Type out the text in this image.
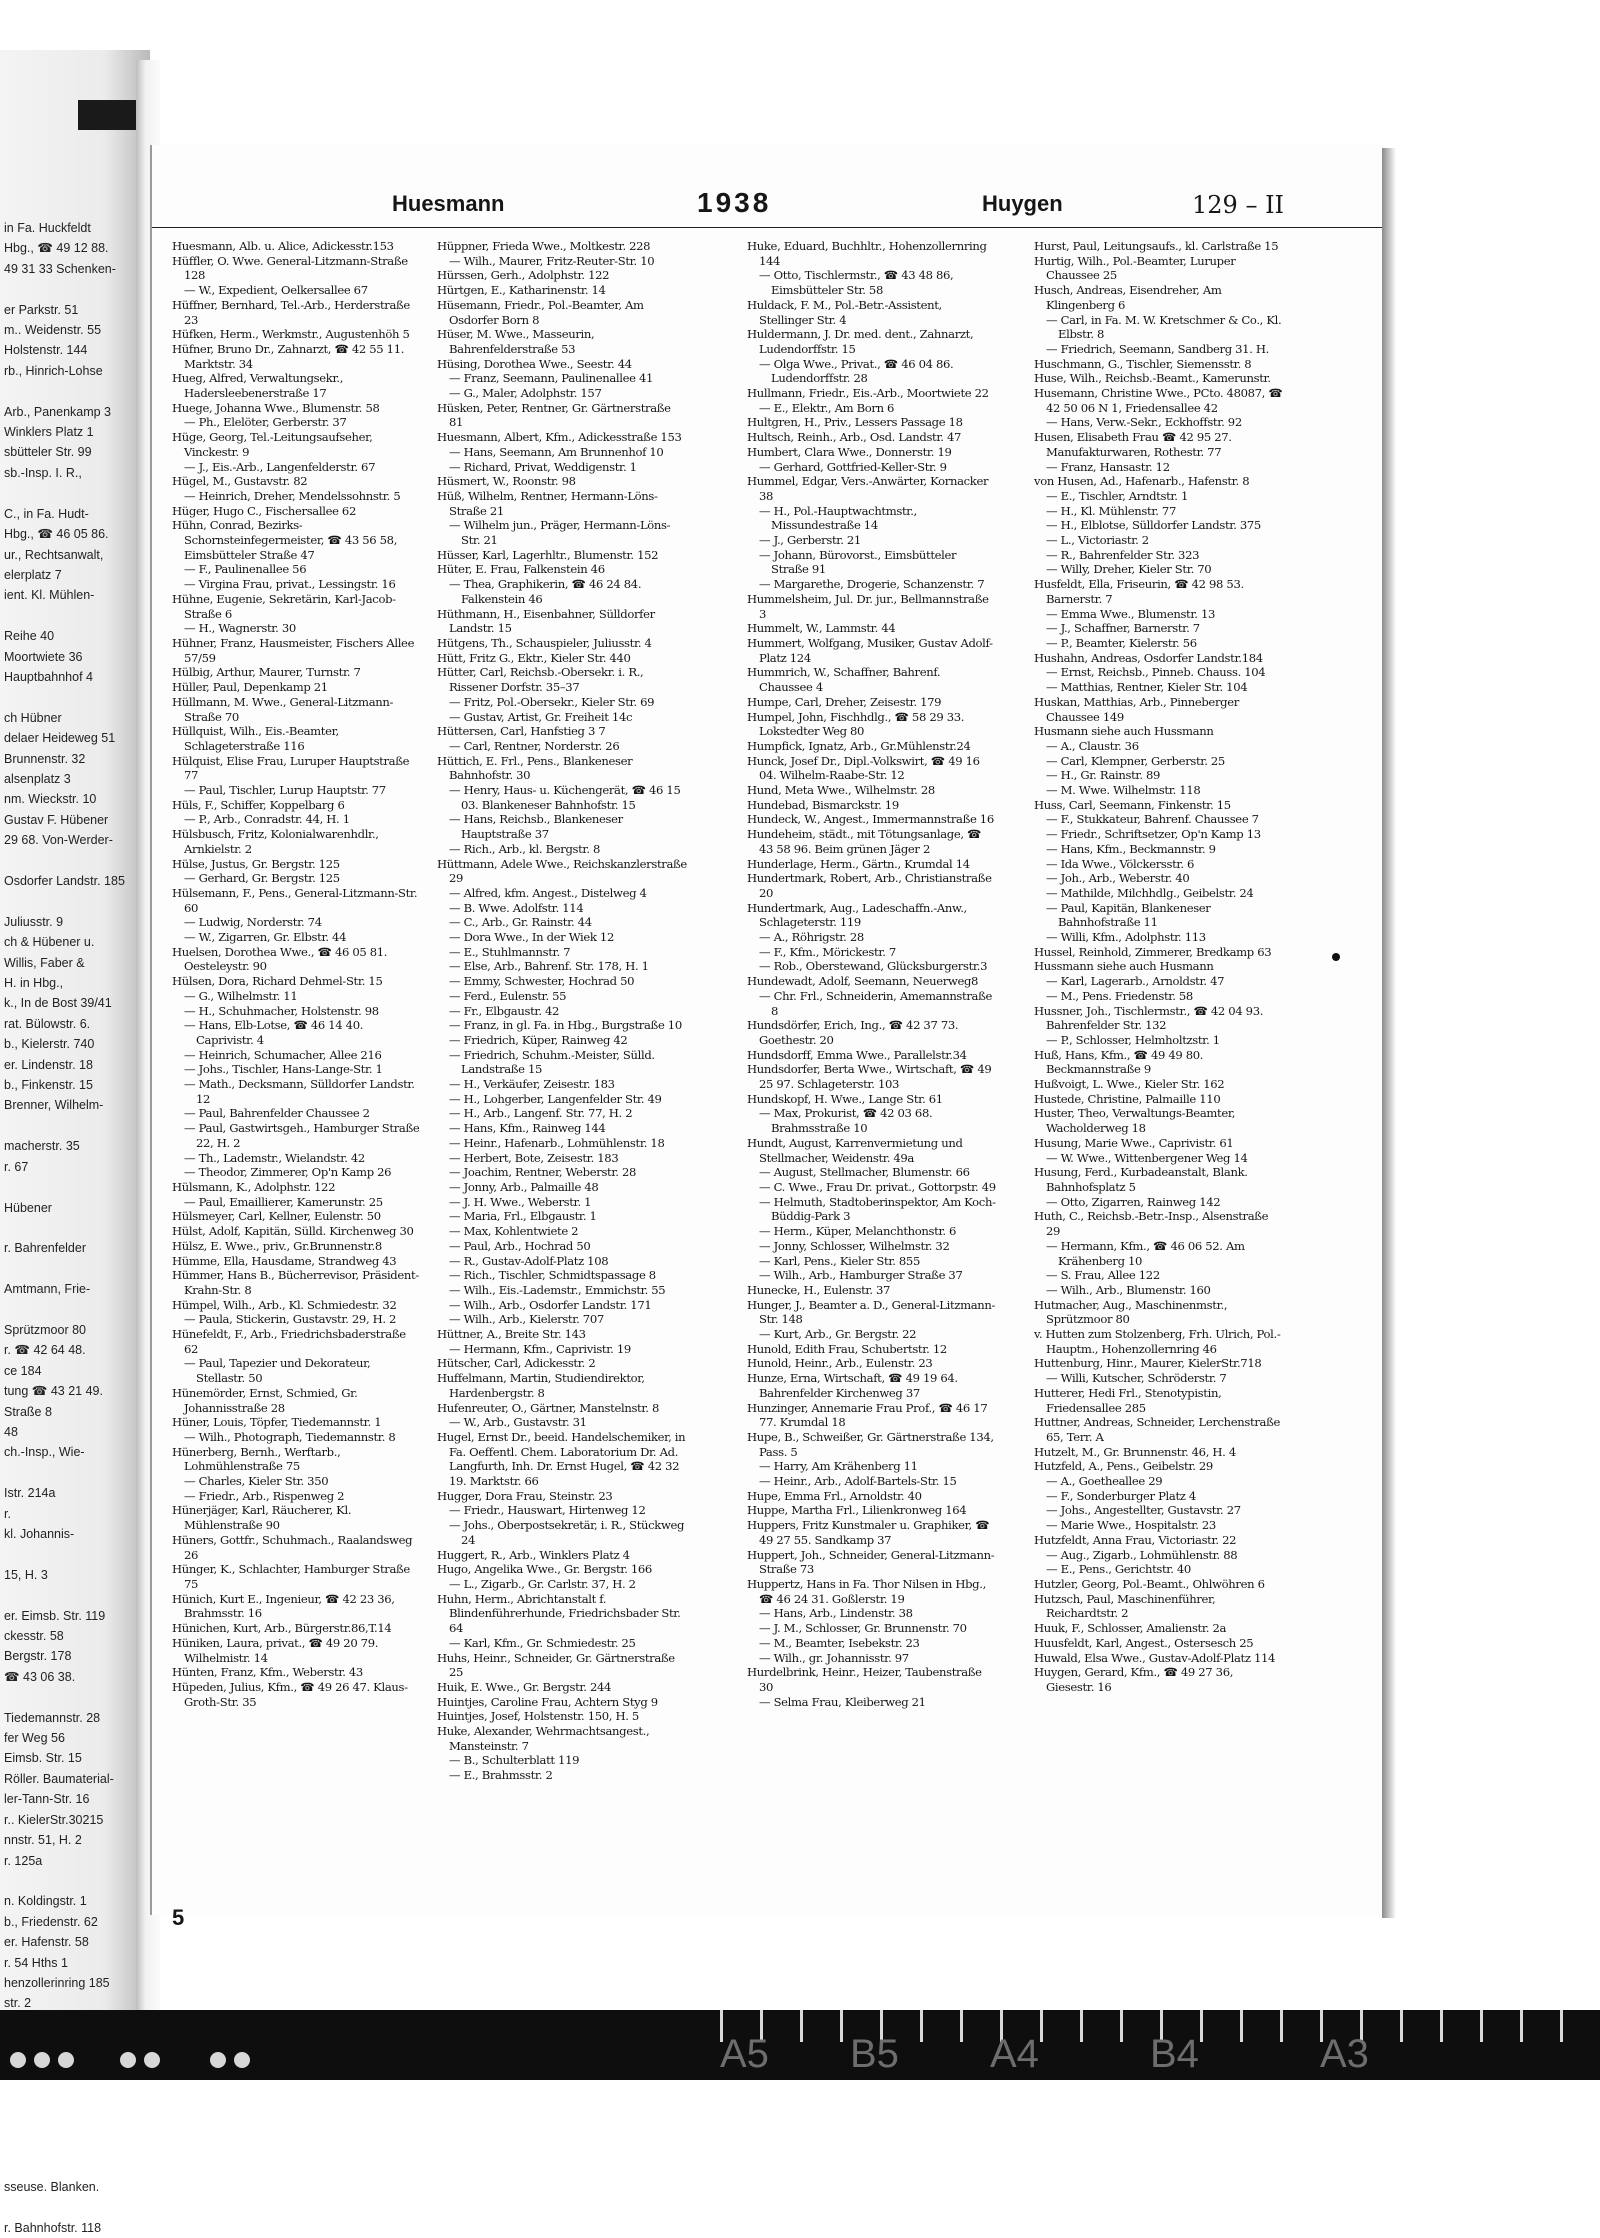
in Fa. Huckfeldt
Hbg., ☎ 49 12 88.
49 31 33 Schenken-

er Parkstr. 51
m.. Weidenstr. 55
Holstenstr. 144
rb., Hinrich-Lohse

Arb., Panenkamp 3
Winklers Platz 1
sbütteler Str. 99
sb.-Insp. I. R.,

C., in Fa. Hudt-
Hbg., ☎ 46 05 86.
ur., Rechtsanwalt,
elerplatz 7
ient. Kl. Mühlen-

Reihe 40
Moortwiete 36
Hauptbahnhof 4

ch Hübner
delaer Heideweg 51
Brunnenstr. 32
alsenplatz 3
nm. Wieckstr. 10
Gustav F. Hübener
29 68. Von-Werder-

Osdorfer Landstr. 185

Juliusstr. 9
ch & Hübener u.
Willis, Faber &
H. in Hbg.,
k., In de Bost 39/41
rat. Bülowstr. 6.
b., Kielerstr. 740
er. Lindenstr. 18
b., Finkenstr. 15
Brenner, Wilhelm-

macherstr. 35
r. 67

Hübener

r. Bahrenfelder

Amtmann, Frie-

Sprützmoor 80
r. ☎ 42 64 48.
ce 184
tung ☎ 43 21 49.
Straße 8
48
ch.-Insp., Wie-

Istr. 214a
r.
kl. Johannis-

15, H. 3

er. Eimsb. Str. 119
ckesstr. 58
Bergstr. 178
☎ 43 06 38.

Tiedemannstr. 28
fer Weg 56
Eimsb. Str. 15
Röller. Baumaterial-
ler-Tann-Str. 16
r.. KielerStr.30215
nnstr. 51, H. 2
r. 125a

n. Koldingstr. 1
b., Friedenstr. 62
er. Hafenstr. 58
r. 54 Hths 1
henzollerinring 185
str. 2

sseuse. Blanken.

r. Bahnhofstr. 118
Huesmann	1938	Huygen	129 – II

Huesmann, Alb. u. Alice, Adickesstr.153

Hüffler, O. Wwe. General-Litzmann-Straße 128

— W., Expedient, Oelkersallee 67

Hüffner, Bernhard, Tel.-Arb., Herderstraße 23

Hüfken, Herm., Werkmstr., Augustenhöh 5

Hüfner, Bruno Dr., Zahnarzt, ☎ 42 55 11. Marktstr. 34

Hueg, Alfred, Verwaltungsekr., Hadersleebenerstraße 17

Huege, Johanna Wwe., Blumenstr. 58

— Ph., Elelöter, Gerberstr. 37

Hüge, Georg, Tel.-Leitungsaufseher, Vinckestr. 9

— J., Eis.-Arb., Langenfelderstr. 67

Hügel, M., Gustavstr. 82

— Heinrich, Dreher, Mendelssohnstr. 5

Hüger, Hugo C., Fischersallee 62

Hühn, Conrad, Bezirks-Schornsteinfegermeister, ☎ 43 56 58, Eimsbütteler Straße 47

— F., Paulinenallee 56

— Virgina Frau, privat., Lessingstr. 16

Hühne, Eugenie, Sekretärin, Karl-Jacob-Straße 6

— H., Wagnerstr. 30

Hühner, Franz, Hausmeister, Fischers Allee 57/59

Hülbig, Arthur, Maurer, Turnstr. 7

Hüller, Paul, Depenkamp 21

Hüllmann, M. Wwe., General-Litzmann-Straße 70

Hüllquist, Wilh., Eis.-Beamter, Schlageterstraße 116

Hülquist, Elise Frau, Luruper Hauptstraße 77

— Paul, Tischler, Lurup Hauptstr. 77

Hüls, F., Schiffer, Koppelbarg 6

— P., Arb., Conradstr. 44, H. 1

Hülsbusch, Fritz, Kolonialwarenhdlr., Arnkielstr. 2

Hülse, Justus, Gr. Bergstr. 125

— Gerhard, Gr. Bergstr. 125

Hülsemann, F., Pens., General-Litzmann-Str. 60

— Ludwig, Norderstr. 74

— W., Zigarren, Gr. Elbstr. 44

Huelsen, Dorothea Wwe., ☎ 46 05 81. Oesteleystr. 90

Hülsen, Dora, Richard Dehmel-Str. 15

— G., Wilhelmstr. 11

— H., Schuhmacher, Holstenstr. 98

— Hans, Elb-Lotse, ☎ 46 14 40. Caprivistr. 4

— Heinrich, Schumacher, Allee 216

— Johs., Tischler, Hans-Lange-Str. 1

— Math., Decksmann, Sülldorfer Landstr. 12

— Paul, Bahrenfelder Chaussee 2

— Paul, Gastwirtsgeh., Hamburger Straße 22, H. 2

— Th., Lademstr., Wielandstr. 42

— Theodor, Zimmerer, Op'n Kamp 26

Hülsmann, K., Adolphstr. 122

— Paul, Emaillierer, Kamerunstr. 25

Hülsmeyer, Carl, Kellner, Eulenstr. 50

Hülst, Adolf, Kapitän, Sülld. Kirchenweg 30

Hülsz, E. Wwe., priv., Gr.Brunnenstr.8

Hümme, Ella, Hausdame, Strandweg 43

Hümmer, Hans B., Bücherrevisor, Präsident-Krahn-Str. 8

Hümpel, Wilh., Arb., Kl. Schmiedestr. 32

— Paula, Stickerin, Gustavstr. 29, H. 2

Hünefeldt, F., Arb., Friedrichsbaderstraße 62

— Paul, Tapezier und Dekorateur, Stellastr. 50

Hünemörder, Ernst, Schmied, Gr. Johannisstraße 28

Hüner, Louis, Töpfer, Tiedemannstr. 1

— Wilh., Photograph, Tiedemannstr. 8

Hünerberg, Bernh., Werftarb., Lohmühlenstraße 75

— Charles, Kieler Str. 350

— Friedr., Arb., Rispenweg 2

Hünerjäger, Karl, Räucherer, Kl. Mühlenstraße 90

Hüners, Gottfr., Schuhmach., Raalandsweg 26

Hünger, K., Schlachter, Hamburger Straße 75

Hünich, Kurt E., Ingenieur, ☎ 42 23 36, Brahmsstr. 16

Hünichen, Kurt, Arb., Bürgerstr.86,T.14

Hüniken, Laura, privat., ☎ 49 20 79. Wilhelmistr. 14

Hünten, Franz, Kfm., Weberstr. 43

Hüpeden, Julius, Kfm., ☎ 49 26 47. Klaus-Groth-Str. 35

Hüppner, Frieda Wwe., Moltkestr. 228

— Wilh., Maurer, Fritz-Reuter-Str. 10

Hürssen, Gerh., Adolphstr. 122

Hürtgen, E., Katharinenstr. 14

Hüsemann, Friedr., Pol.-Beamter, Am Osdorfer Born 8

Hüser, M. Wwe., Masseurin, Bahrenfelderstraße 53

Hüsing, Dorothea Wwe., Seestr. 44

— Franz, Seemann, Paulinenallee 41

— G., Maler, Adolphstr. 157

Hüsken, Peter, Rentner, Gr. Gärtnerstraße 81

Huesmann, Albert, Kfm., Adickesstraße 153

— Hans, Seemann, Am Brunnenhof 10

— Richard, Privat, Weddigenstr. 1

Hüsmert, W., Roonstr. 98

Hüß, Wilhelm, Rentner, Hermann-Löns-Straße 21

— Wilhelm jun., Präger, Hermann-Löns-Str. 21

Hüsser, Karl, Lagerhltr., Blumenstr. 152

Hüter, E. Frau, Falkenstein 46

— Thea, Graphikerin, ☎ 46 24 84. Falkenstein 46

Hüthmann, H., Eisenbahner, Sülldorfer Landstr. 15

Hütgens, Th., Schauspieler, Juliusstr. 4

Hütt, Fritz G., Ektr., Kieler Str. 440

Hütter, Carl, Reichsb.-Obersekr. i. R., Rissener Dorfstr. 35–37

— Fritz, Pol.-Obersekr., Kieler Str. 69

— Gustav, Artist, Gr. Freiheit 14c

Hüttersen, Carl, Hanfstieg 3 7

— Carl, Rentner, Norderstr. 26

Hüttich, E. Frl., Pens., Blankeneser Bahnhofstr. 30

— Henry, Haus- u. Küchengerät, ☎ 46 15 03. Blankeneser Bahnhofstr. 15

— Hans, Reichsb., Blankeneser Hauptstraße 37

— Rich., Arb., kl. Bergstr. 8

Hüttmann, Adele Wwe., Reichskanzlerstraße 29

— Alfred, kfm. Angest., Distelweg 4

— B. Wwe. Adolfstr. 114

— C., Arb., Gr. Rainstr. 44

— Dora Wwe., In der Wiek 12

— E., Stuhlmannstr. 7

— Else, Arb., Bahrenf. Str. 178, H. 1

— Emmy, Schwester, Hochrad 50

— Ferd., Eulenstr. 55

— Fr., Elbgaustr. 42

— Franz, in gl. Fa. in Hbg., Burgstraße 10

— Friedrich, Küper, Rainweg 42

— Friedrich, Schuhm.-Meister, Sülld. Landstraße 15

— H., Verkäufer, Zeisestr. 183

— H., Lohgerber, Langenfelder Str. 49

— H., Arb., Langenf. Str. 77, H. 2

— Hans, Kfm., Rainweg 144

— Heinr., Hafenarb., Lohmühlenstr. 18

— Herbert, Bote, Zeisestr. 183

— Joachim, Rentner, Weberstr. 28

— Jonny, Arb., Palmaille 48

— J. H. Wwe., Weberstr. 1

— Maria, Frl., Elbgaustr. 1

— Max, Kohlentwiete 2

— Paul, Arb., Hochrad 50

— R., Gustav-Adolf-Platz 108

— Rich., Tischler, Schmidtspassage 8

— Wilh., Eis.-Lademstr., Emmichstr. 55

— Wilh., Arb., Osdorfer Landstr. 171

— Wilh., Arb., Kielerstr. 707

Hüttner, A., Breite Str. 143

— Hermann, Kfm., Caprivistr. 19

Hütscher, Carl, Adickesstr. 2

Huffelmann, Martin, Studiendirektor, Hardenbergstr. 8

Hufenreuter, O., Gärtner, Manstelnstr. 8

— W., Arb., Gustavstr. 31

Hugel, Ernst Dr., beeid. Handelschemiker, in Fa. Oeffentl. Chem. Laboratorium Dr. Ad. Langfurth, Inh. Dr. Ernst Hugel, ☎ 42 32 19. Marktstr. 66

Hugger, Dora Frau, Steinstr. 23

— Friedr., Hauswart, Hirtenweg 12

— Johs., Oberpostsekretär, i. R., Stückweg 24

Huggert, R., Arb., Winklers Platz 4

Hugo, Angelika Wwe., Gr. Bergstr. 166

— L., Zigarb., Gr. Carlstr. 37, H. 2

Huhn, Herm., Abrichtanstalt f. Blindenführerhunde, Friedrichsbader Str. 64

— Karl, Kfm., Gr. Schmiedestr. 25

Huhs, Heinr., Schneider, Gr. Gärtnerstraße 25

Huik, E. Wwe., Gr. Bergstr. 244

Huintjes, Caroline Frau, Achtern Styg 9

Huintjes, Josef, Holstenstr. 150, H. 5

Huke, Alexander, Wehrmachtsangest., Mansteinstr. 7

— B., Schulterblatt 119

— E., Brahmsstr. 2

Huke, Eduard, Buchhltr., Hohenzollernring 144

— Otto, Tischlermstr., ☎ 43 48 86, Eimsbütteler Str. 58

Huldack, F. M., Pol.-Betr.-Assistent, Stellinger Str. 4

Huldermann, J. Dr. med. dent., Zahnarzt, Ludendorffstr. 15

— Olga Wwe., Privat., ☎ 46 04 86. Ludendorffstr. 28

Hullmann, Friedr., Eis.-Arb., Moortwiete 22

— E., Elektr., Am Born 6

Hultgren, H., Priv., Lessers Passage 18

Hultsch, Reinh., Arb., Osd. Landstr. 47

Humbert, Clara Wwe., Donnerstr. 19

— Gerhard, Gottfried-Keller-Str. 9

Hummel, Edgar, Vers.-Anwärter, Kornacker 38

— H., Pol.-Hauptwachtmstr., Missundestraße 14

— J., Gerberstr. 21

— Johann, Bürovorst., Eimsbütteler Straße 91

— Margarethe, Drogerie, Schanzenstr. 7

Hummelsheim, Jul. Dr. jur., Bellmannstraße 3

Hummelt, W., Lammstr. 44

Hummert, Wolfgang, Musiker, Gustav Adolf-Platz 124

Hummrich, W., Schaffner, Bahrenf. Chaussee 4

Humpe, Carl, Dreher, Zeisestr. 179

Humpel, John, Fischhdlg., ☎ 58 29 33. Lokstedter Weg 80

Humpfick, Ignatz, Arb., Gr.Mühlenstr.24

Hunck, Josef Dr., Dipl.-Volkswirt, ☎ 49 16 04. Wilhelm-Raabe-Str. 12

Hund, Meta Wwe., Wilhelmstr. 28

Hundebad, Bismarckstr. 19

Hundeck, W., Angest., Immermannstraße 16

Hundeheim, städt., mit Tötungsanlage, ☎ 43 58 96. Beim grünen Jäger 2

Hunderlage, Herm., Gärtn., Krumdal 14

Hundertmark, Robert, Arb., Christianstraße 20

Hundertmark, Aug., Ladeschaffn.-Anw., Schlageterstr. 119

— A., Röhrigstr. 28

— F., Kfm., Mörickestr. 7

— Rob., Oberstewand, Glücksburgerstr.3

Hundewadt, Adolf, Seemann, Neuerweg8

— Chr. Frl., Schneiderin, Amemannstraße 8

Hundsdörfer, Erich, Ing., ☎ 42 37 73. Goethestr. 20

Hundsdorff, Emma Wwe., Parallelstr.34

Hundsdorfer, Berta Wwe., Wirtschaft, ☎ 49 25 97. Schlageterstr. 103

Hundskopf, H. Wwe., Lange Str. 61

— Max, Prokurist, ☎ 42 03 68. Brahmsstraße 10

Hundt, August, Karrenvermietung und Stellmacher, Weidenstr. 49a

— August, Stellmacher, Blumenstr. 66

— C. Wwe., Frau Dr. privat., Gottorpstr. 49

— Helmuth, Stadtoberinspektor, Am Koch-Büddig-Park 3

— Herm., Küper, Melanchthonstr. 6

— Jonny, Schlosser, Wilhelmstr. 32

— Karl, Pens., Kieler Str. 855

— Wilh., Arb., Hamburger Straße 37

Hunecke, H., Eulenstr. 37

Hunger, J., Beamter a. D., General-Litzmann-Str. 148

— Kurt, Arb., Gr. Bergstr. 22

Hunold, Edith Frau, Schubertstr. 12

Hunold, Heinr., Arb., Eulenstr. 23

Hunze, Erna, Wirtschaft, ☎ 49 19 64. Bahrenfelder Kirchenweg 37

Hunzinger, Annemarie Frau Prof., ☎ 46 17 77. Krumdal 18

Hupe, B., Schweißer, Gr. Gärtnerstraße 134, Pass. 5

— Harry, Am Krähenberg 11

— Heinr., Arb., Adolf-Bartels-Str. 15

Hupe, Emma Frl., Arnoldstr. 40

Huppe, Martha Frl., Lilienkronweg 164

Huppers, Fritz Kunstmaler u. Graphiker, ☎ 49 27 55. Sandkamp 37

Huppert, Joh., Schneider, General-Litzmann-Straße 73

Huppertz, Hans in Fa. Thor Nilsen in Hbg., ☎ 46 24 31. Goßlerstr. 19

— Hans, Arb., Lindenstr. 38

— J. M., Schlosser, Gr. Brunnenstr. 70

— M., Beamter, Isebekstr. 23

— Wilh., gr. Johannisstr. 97

Hurdelbrink, Heinr., Heizer, Taubenstraße 30

— Selma Frau, Kleiberweg 21

Hurst, Paul, Leitungsaufs., kl. Carlstraße 15

Hurtig, Wilh., Pol.-Beamter, Luruper Chaussee 25

Husch, Andreas, Eisendreher, Am Klingenberg 6

— Carl, in Fa. M. W. Kretschmer & Co., Kl. Elbstr. 8

— Friedrich, Seemann, Sandberg 31. H.

Huschmann, G., Tischler, Siemensstr. 8

Huse, Wilh., Reichsb.-Beamt., Kamerunstr.

Husemann, Christine Wwe., PCto. 48087, ☎ 42 50 06 N 1, Friedensallee 42

— Hans, Verw.-Sekr., Eckhoffstr. 92

Husen, Elisabeth Frau ☎ 42 95 27. Manufakturwaren, Rothestr. 77

— Franz, Hansastr. 12

von Husen, Ad., Hafenarb., Hafenstr. 8

— E., Tischler, Arndtstr. 1

— H., Kl. Mühlenstr. 77

— H., Elblotse, Sülldorfer Landstr. 375

— L., Victoriastr. 2

— R., Bahrenfelder Str. 323

— Willy, Dreher, Kieler Str. 70

Husfeldt, Ella, Friseurin, ☎ 42 98 53. Barnerstr. 7

— Emma Wwe., Blumenstr. 13

— J., Schaffner, Barnerstr. 7

— P., Beamter, Kielerstr. 56

Hushahn, Andreas, Osdorfer Landstr.184

— Ernst, Reichsb., Pinneb. Chauss. 104

— Matthias, Rentner, Kieler Str. 104

Huskan, Matthias, Arb., Pinneberger Chaussee 149

Husmann siehe auch Hussmann

— A., Claustr. 36

— Carl, Klempner, Gerberstr. 25

— H., Gr. Rainstr. 89

— M. Wwe. Wilhelmstr. 118

Huss, Carl, Seemann, Finkenstr. 15

— F., Stukkateur, Bahrenf. Chaussee 7

— Friedr., Schriftsetzer, Op'n Kamp 13

— Hans, Kfm., Beckmannstr. 9

— Ida Wwe., Völckersstr. 6

— Joh., Arb., Weberstr. 40

— Mathilde, Milchhdlg., Geibelstr. 24

— Paul, Kapitän, Blankeneser Bahnhofstraße 11

— Willi, Kfm., Adolphstr. 113

Hussel, Reinhold, Zimmerer, Bredkamp 63

Hussmann siehe auch Husmann

— Karl, Lagerarb., Arnoldstr. 47

— M., Pens. Friedenstr. 58

Hussner, Joh., Tischlermstr., ☎ 42 04 93. Bahrenfelder Str. 132

— P., Schlosser, Helmholtzstr. 1

Huß, Hans, Kfm., ☎ 49 49 80. Beckmannstraße 9

Hußvoigt, L. Wwe., Kieler Str. 162

Hustede, Christine, Palmaille 110

Huster, Theo, Verwaltungs-Beamter, Wacholderweg 18

Husung, Marie Wwe., Caprivistr. 61

— W. Wwe., Wittenbergener Weg 14

Husung, Ferd., Kurbadeanstalt, Blank. Bahnhofsplatz 5

— Otto, Zigarren, Rainweg 142

Huth, C., Reichsb.-Betr.-Insp., Alsenstraße 29

— Hermann, Kfm., ☎ 46 06 52. Am Krähenberg 10

— S. Frau, Allee 122

— Wilh., Arb., Blumenstr. 160

Hutmacher, Aug., Maschinenmstr., Sprützmoor 80

v. Hutten zum Stolzenberg, Frh. Ulrich, Pol.-Hauptm., Hohenzollernring 46

Huttenburg, Hinr., Maurer, KielerStr.718

— Willi, Kutscher, Schröderstr. 7

Hutterer, Hedi Frl., Stenotypistin, Friedensallee 285

Huttner, Andreas, Schneider, Lerchenstraße 65, Terr. A

Hutzelt, M., Gr. Brunnenstr. 46, H. 4

Hutzfeld, A., Pens., Geibelstr. 29

— A., Goetheallee 29

— F., Sonderburger Platz 4

— Johs., Angestellter, Gustavstr. 27

— Marie Wwe., Hospitalstr. 23

Hutzfeldt, Anna Frau, Victoriastr. 22

— Aug., Zigarb., Lohmühlenstr. 88

— E., Pens., Gerichtstr. 40

Hutzler, Georg, Pol.-Beamt., Ohlwöhren 6

Hutzsch, Paul, Maschinenführer, Reichardtstr. 2

Huuk, F., Schlosser, Amalienstr. 2a

Huusfeldt, Karl, Angest., Ostersesch 25

Huwald, Elsa Wwe., Gustav-Adolf-Platz 114

Huygen, Gerard, Kfm., ☎ 49 27 36, Giesestr. 16

5
A5 B5 A4	B4	A3
